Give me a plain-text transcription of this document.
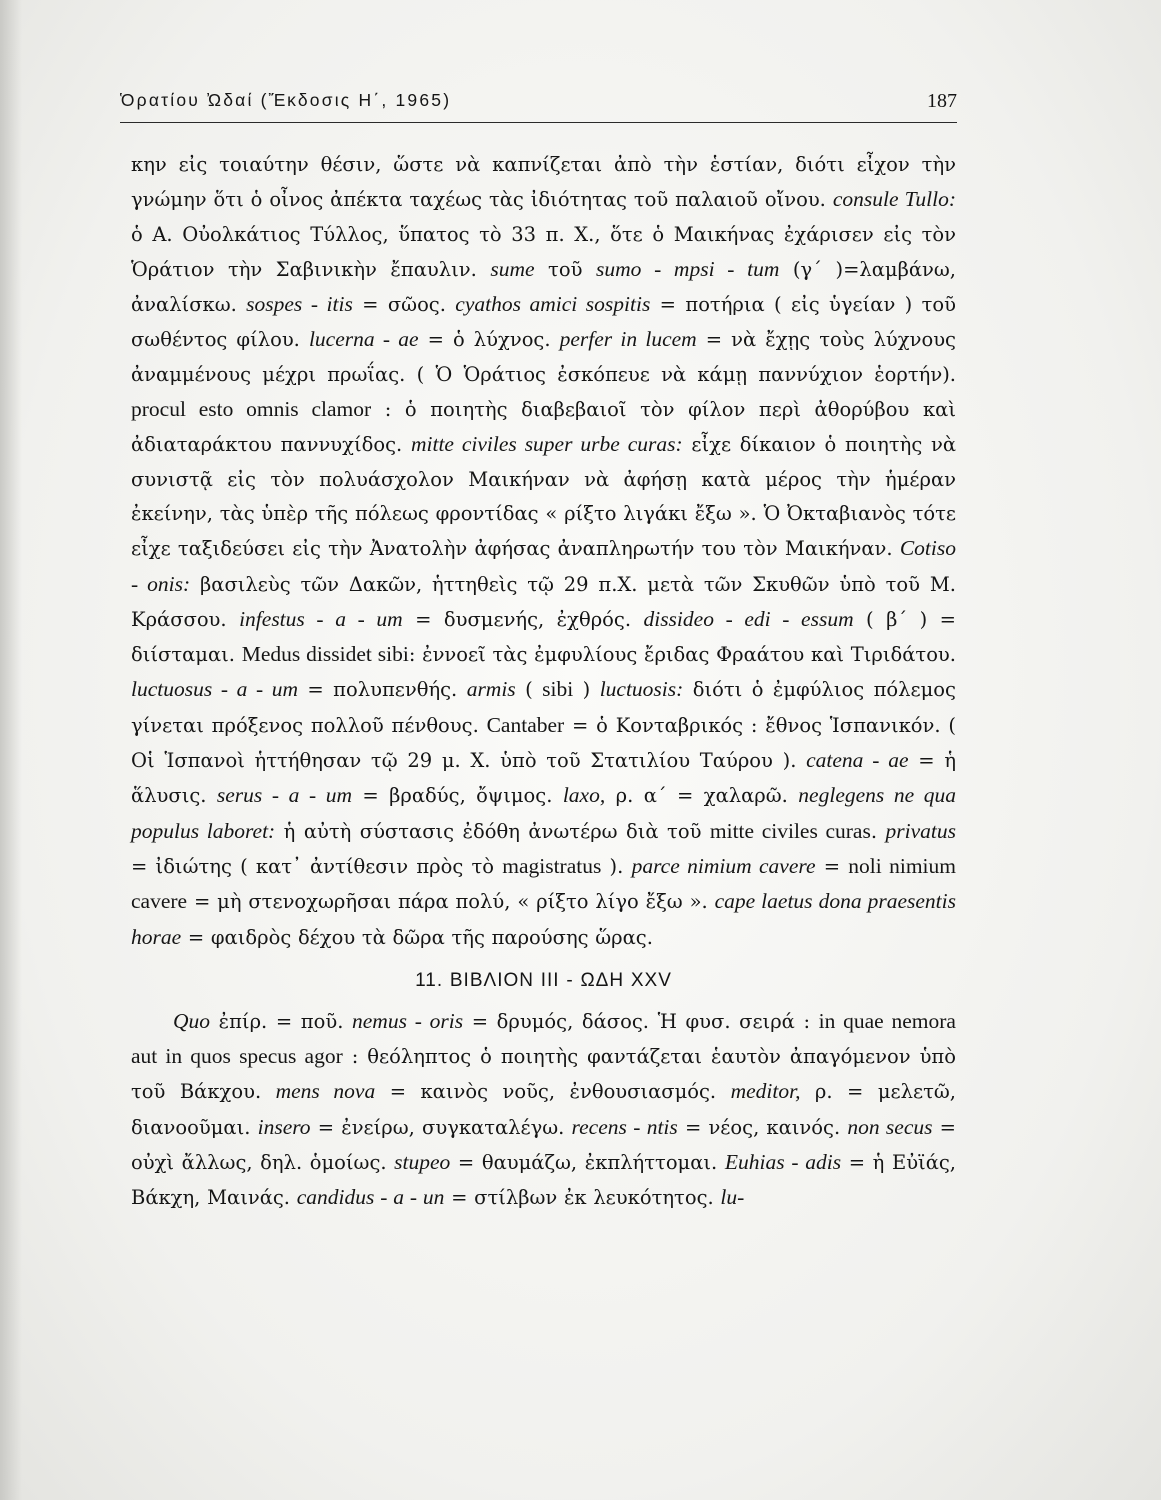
Ὁρατίου Ὠδαί (Ἔκδοσις Η΄, 1965)	187

κην εἰς τοιαύτην θέσιν, ὥστε νὰ καπνίζεται ἀπὸ τὴν ἑστίαν, διότι εἶχον τὴν γνώμην ὅτι ὁ οἶνος ἀπέκτα ταχέως τὰς ἰδιότητας τοῦ παλαιοῦ οἴνου. consule Tullo: ὁ Α. Οὐολκάτιος Τύλλος, ὕπατος τὸ 33 π. Χ., ὅτε ὁ Μαικήνας ἐχάρισεν εἰς τὸν Ὁράτιον τὴν Σαβινικὴν ἔπαυλιν. sume τοῦ sumo - mpsi - tum (γ΄ )=λαμβάνω, ἀναλίσκω. sospes - itis = σῶος. cyathos amici sospitis = ποτήρια ( εἰς ὑγείαν ) τοῦ σωθέντος φίλου. lucerna - ae = ὁ λύχνος. perfer in lucem = νὰ ἔχῃς τοὺς λύχνους ἀναμμένους μέχρι πρωΐας. ( Ὁ Ὁράτιος ἐσκόπευε νὰ κάμῃ παννύχιον ἑορτήν). procul esto omnis clamor : ὁ ποιητὴς διαβεβαιοῖ τὸν φίλον περὶ ἀθορύβου καὶ ἀδιαταράκτου παννυχίδος. mitte civiles super urbe curas: εἶχε δίκαιον ὁ ποιητὴς νὰ συνιστᾷ εἰς τὸν πολυάσχολον Μαικήναν νὰ ἀφήσῃ κατὰ μέρος τὴν ἡμέραν ἐκείνην, τὰς ὑπὲρ τῆς πόλεως φροντίδας « ρίξτο λιγάκι ἔξω ». Ὁ Ὀκταβιανὸς τότε εἶχε ταξιδεύσει εἰς τὴν Ἀνατολὴν ἀφήσας ἀναπληρωτήν του τὸν Μαικήναν. Cotiso - onis: βασιλεὺς τῶν Δακῶν, ἡττηθεὶς τῷ 29 π.Χ. μετὰ τῶν Σκυθῶν ὑπὸ τοῦ Μ. Κράσσου. infestus - a - um = δυσμενής, ἐχθρός. dissideo - edi - essum ( β΄ ) = διίσταμαι. Medus dissidet sibi: ἐννοεῖ τὰς ἐμφυλίους ἔριδας Φραάτου καὶ Τιριδάτου. luctuosus - a - um = πολυπενθής. armis ( sibi ) luctuosis: διότι ὁ ἐμφύλιος πόλεμος γίνεται πρόξενος πολλοῦ πένθους. Cantaber = ὁ Κονταβρικός : ἔθνος Ἱσπανικόν. ( Οἱ Ἱσπανοὶ ἡττήθησαν τῷ 29 μ. Χ. ὑπὸ τοῦ Στατιλίου Ταύρου ). catena - ae = ἡ ἅλυσις. serus - a - um = βραδύς, ὄψιμος. laxo, ρ. α΄ = χαλαρῶ. neglegens ne qua populus laboret: ἡ αὐτὴ σύστασις ἐδόθη ἀνωτέρω διὰ τοῦ mitte civiles curas. privatus = ἰδιώτης ( κατ᾽ ἀντίθεσιν πρὸς τὸ magistratus ). parce nimium cavere = noli nimium cavere = μὴ στενοχωρῆσαι πάρα πολύ, « ρίξτο λίγο ἔξω ». cape laetus dona praesentis horae = φαιδρὸς δέχου τὰ δῶρα τῆς παρούσης ὥρας.

11. ΒΙΒΛΙΟΝ III - ΩΔΗ XXV

Quo ἐπίρ. = ποῦ. nemus - oris = δρυμός, δάσος. Ἡ φυσ. σειρά : in quae nemora aut in quos specus agor : θεόληπτος ὁ ποιητὴς φαντάζεται ἑαυτὸν ἀπαγόμενον ὑπὸ τοῦ Βάκχου. mens nova = καινὸς νοῦς, ἐνθουσιασμός. meditor, ρ. = μελετῶ, διανοοῦμαι. insero = ἐνείρω, συγκαταλέγω. recens - ntis = νέος, καινός. non secus = οὐχὶ ἄλλως, δηλ. ὁμοίως. stupeo = θαυμάζω, ἐκπλήττομαι. Euhias - adis = ἡ Εὐϊάς, Βάκχη, Μαινάς. candidus - a - un = στίλβων ἐκ λευκότητος. lu-
